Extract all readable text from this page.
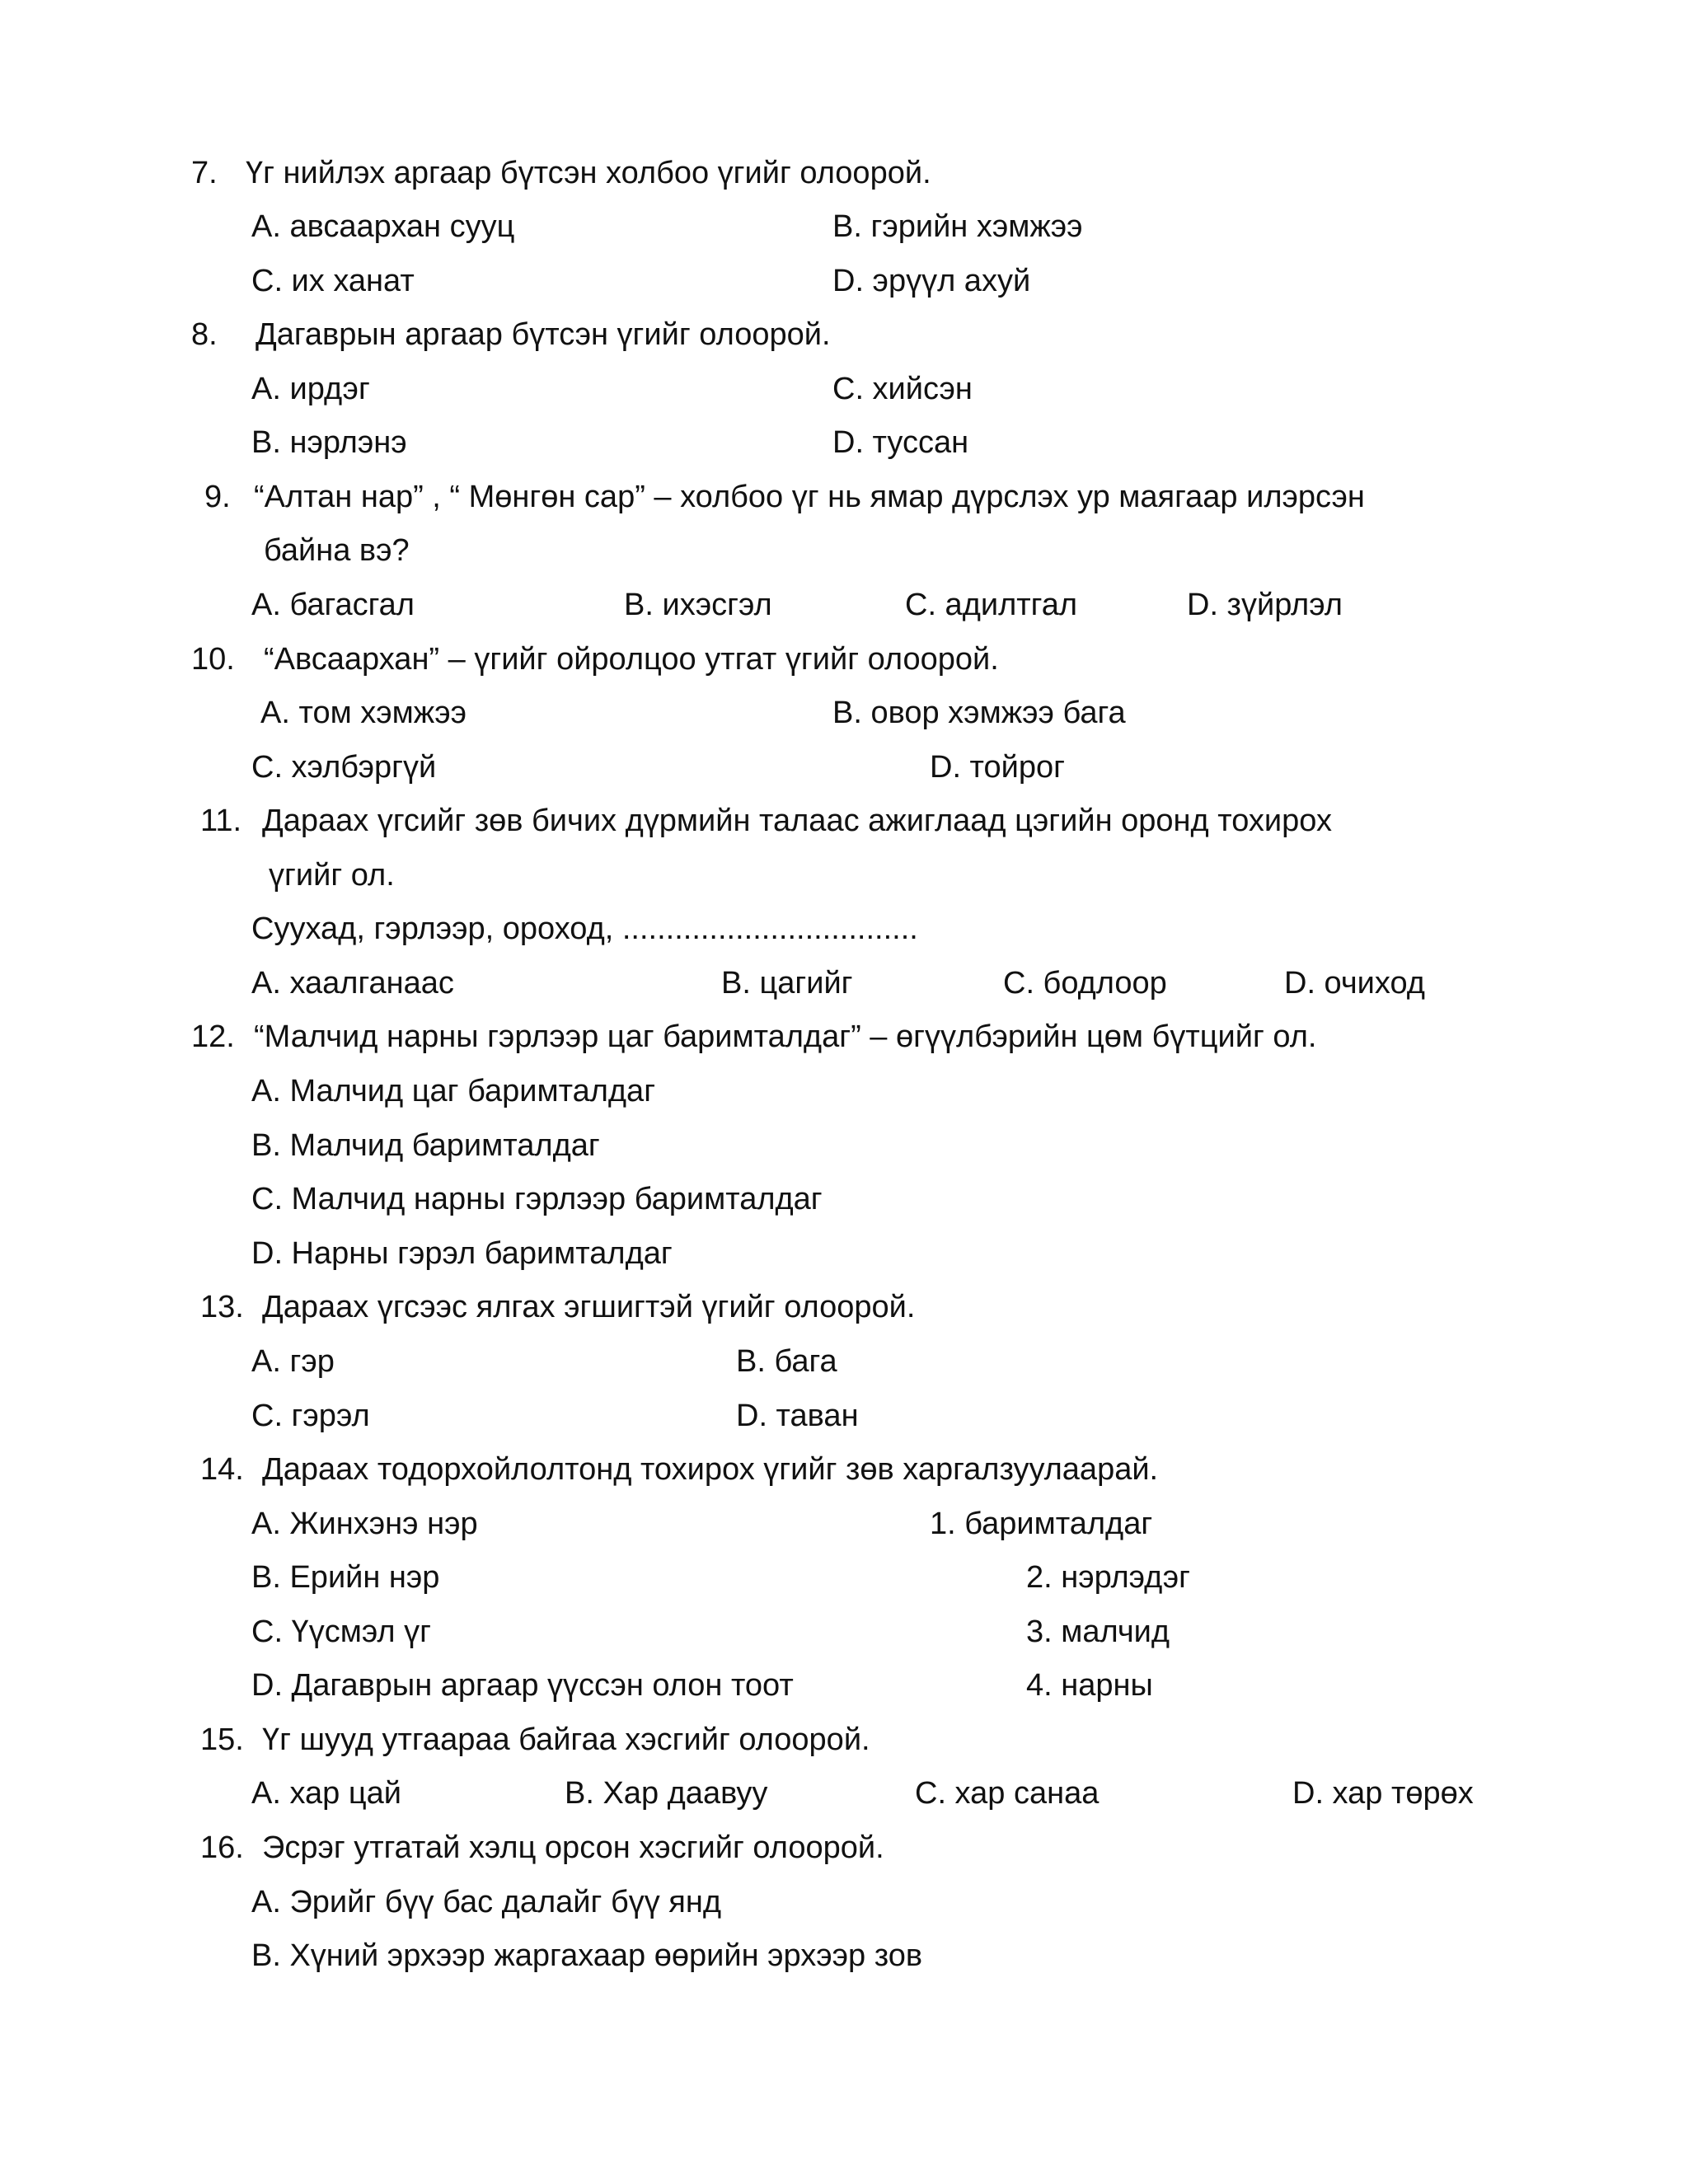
7. Үг нийлэх аргаар бүтсэн холбоо үгийг олоорой.
A. авсаархан сууц	B. гэрийн хэмжээ
C. их ханат	D. эрүүл ахуй
8. Дагаврын аргаар бүтсэн үгийг олоорой.
A. ирдэг	C. хийсэн
B. нэрлэнэ	D. туссан
9. “Алтан нар” , “ Мөнгөн сар” – холбоо үг нь ямар дүрслэх ур маягаар илэрсэн
байна вэ?
A. багасгал	B. ихэсгэл	C. адилтгал	D. зүйрлэл
10. “Авсаархан” – үгийг ойролцоо утгат үгийг олоорой.
A. том хэмжээ	B. овор хэмжээ бага
C. хэлбэргүй	D. тойрог
11. Дараах үгсийг зөв бичих дүрмийн талаас ажиглаад цэгийн оронд тохирох
үгийг ол.
Суухад, гэрлээр, ороход, ..................................
A. хаалганаас	B. цагийг	C. бодлоор	D. очиход
12. “Малчид нарны гэрлээр цаг баримталдаг” – өгүүлбэрийн цөм бүтцийг ол.
A. Малчид цаг баримталдаг
B. Малчид баримталдаг
C. Малчид нарны гэрлээр баримталдаг
D. Нарны гэрэл баримталдаг
13. Дараах үгсээс ялгах эгшигтэй үгийг олоорой.
A. гэр	B. бага
C. гэрэл	D. таван
14. Дараах тодорхойлолтонд тохирох үгийг зөв харгалзуулаарай.
A. Жинхэнэ нэр	1. баримталдаг
B. Ерийн нэр	2. нэрлэдэг
C. Үүсмэл үг	3. малчид
D. Дагаврын аргаар үүссэн олон тоот	4. нарны
15. Үг шууд утгаараа байгаа хэсгийг олоорой.
A. хар цай	B. Хар даавуу	C. хар санаа	D. хар төрөх
16. Эсрэг утгатай хэлц орсон хэсгийг олоорой.
A. Эрийг бүү бас далайг бүү янд
B. Хүний эрхээр жаргахаар өөрийн эрхээр зов
